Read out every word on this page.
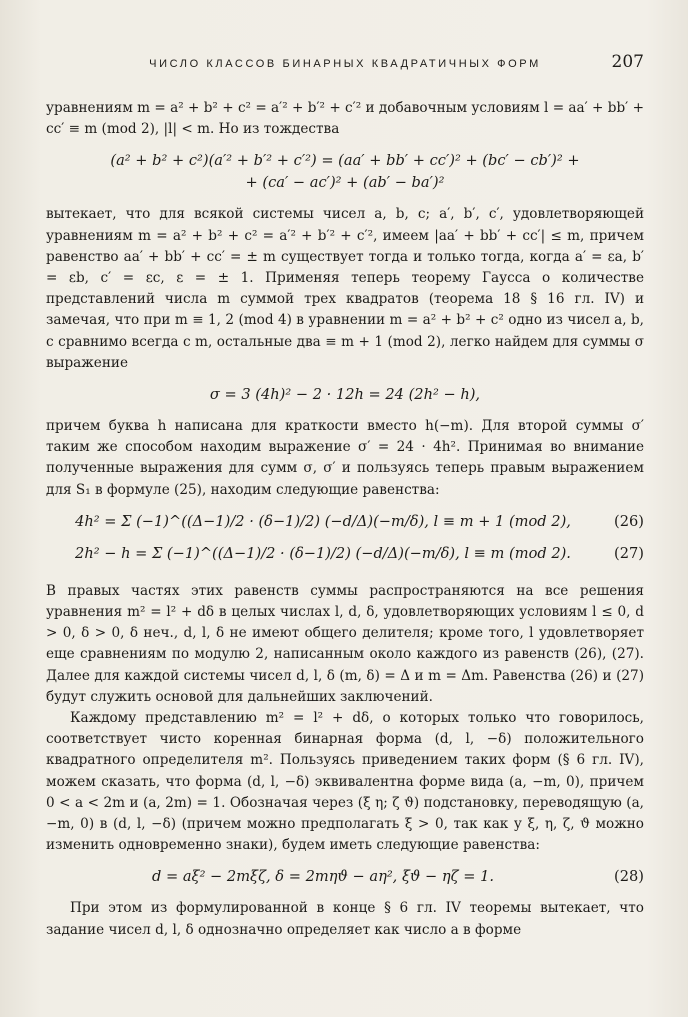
ЧИСЛО КЛАССОВ БИНАРНЫХ КВАДРАТИЧНЫХ ФОРМ	207

уравнениям m = a² + b² + c² = a′² + b′² + c′² и добавочным условиям l = aa′ + bb′ + cc′ ≡ m (mod 2), |l| < m. Но из тождества

(a² + b² + c²)(a′² + b′² + c′²) = (aa′ + bb′ + cc′)² + (bc′ − cb′)² +
+ (ca′ − ac′)² + (ab′ − ba′)²

вытекает, что для всякой системы чисел a, b, c; a′, b′, c′, удовлетворяющей уравнениям m = a² + b² + c² = a′² + b′² + c′², имеем |aa′ + bb′ + cc′| ≤ m, причем равенство aa′ + bb′ + cc′ = ± m существует тогда и только тогда, когда a′ = εa, b′ = εb, c′ = εc, ε = ± 1. Применяя теперь теорему Гаусса о количестве представлений числа m суммой трех квадратов (теорема 18 § 16 гл. IV) и замечая, что при m ≡ 1, 2 (mod 4) в уравнении m = a² + b² + c² одно из чисел a, b, c сравнимо всегда с m, остальные два ≡ m + 1 (mod 2), легко найдем для суммы σ выражение

σ = 3 (4h)² − 2 · 12h = 24 (2h² − h),

причем буква h написана для краткости вместо h(−m). Для второй суммы σ′ таким же способом находим выражение σ′ = 24 · 4h². Принимая во внимание полученные выражения для сумм σ, σ′ и пользуясь теперь правым выражением для S₁ в формуле (25), находим следующие равенства:

4h² = Σ (−1)^((Δ−1)/2 · (δ−1)/2) (−d/Δ)(−m/δ), l ≡ m + 1 (mod 2),	(26)
2h² − h = Σ (−1)^((Δ−1)/2 · (δ−1)/2) (−d/Δ)(−m/δ), l ≡ m (mod 2).	(27)

В правых частях этих равенств суммы распространяются на все решения уравнения m² = l² + dδ в целых числах l, d, δ, удовлетворяющих условиям l ≤ 0, d > 0, δ > 0, δ неч., d, l, δ не имеют общего делителя; кроме того, l удовлетворяет еще сравнениям по модулю 2, написанным около каждого из равенств (26), (27). Далее для каждой системы чисел d, l, δ (m, δ) = Δ и m = Δm. Равенства (26) и (27) будут служить основой для дальнейших заключений.

Каждому представлению m² = l² + dδ, о которых только что говорилось, соответствует чисто коренная бинарная форма (d, l, −δ) положительного квадратного определителя m². Пользуясь приведением таких форм (§ 6 гл. IV), можем сказать, что форма (d, l, −δ) эквивалентна форме вида (a, −m, 0), причем 0 < a < 2m и (a, 2m) = 1. Обозначая через (ξ η; ζ ϑ) подстановку, переводящую (a, −m, 0) в (d, l, −δ) (причем можно предполагать ξ > 0, так как у ξ, η, ζ, ϑ можно изменить одновременно знаки), будем иметь следующие равенства:

d = aξ² − 2mξζ, δ = 2mηϑ − aη², ξϑ − ηζ = 1.	(28)

При этом из формулированной в конце § 6 гл. IV теоремы вытекает, что задание чисел d, l, δ однозначно определяет как число a в форме
